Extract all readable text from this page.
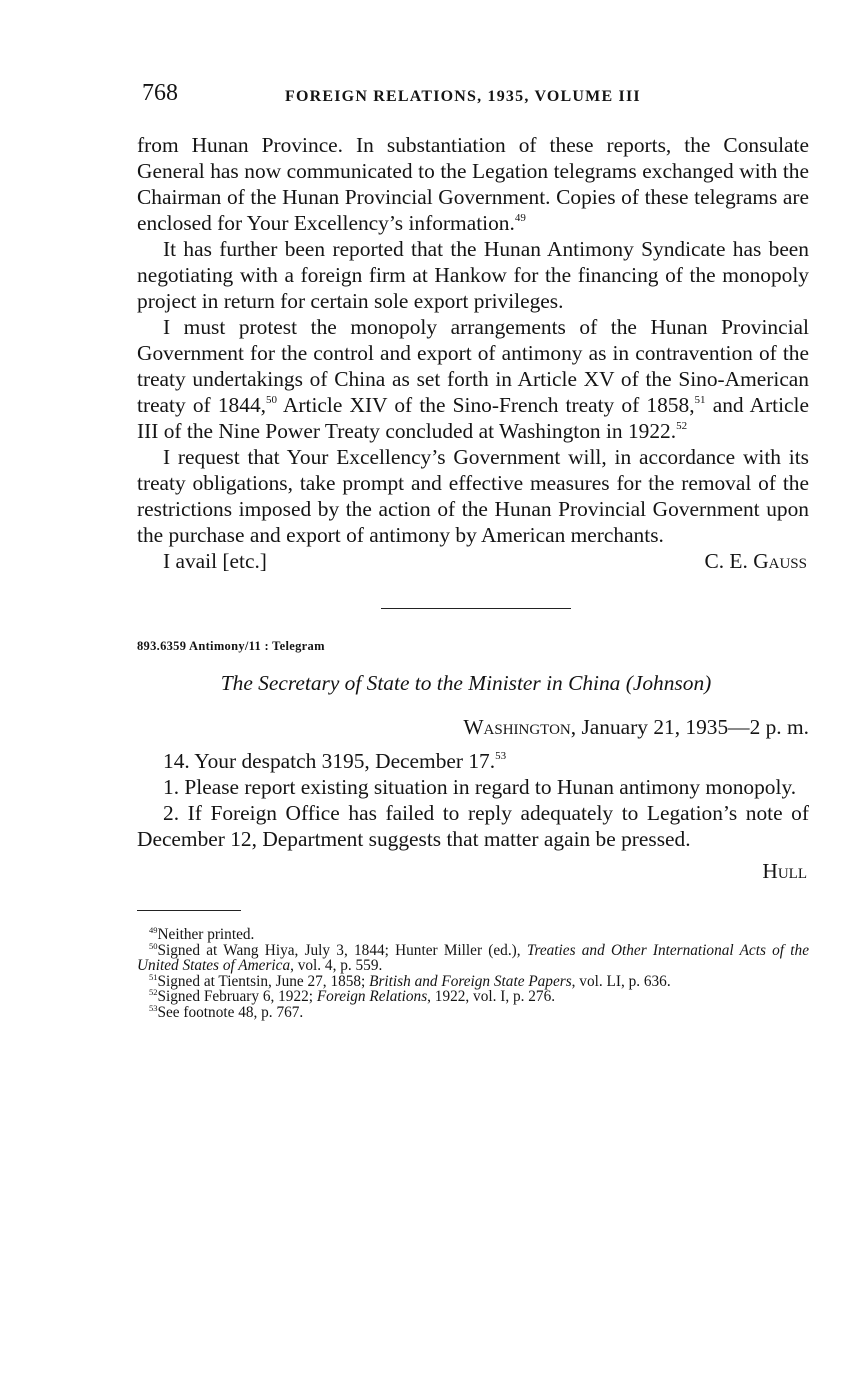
768	FOREIGN RELATIONS, 1935, VOLUME III

from Hunan Province. In substantiation of these reports, the Consulate General has now communicated to the Legation telegrams exchanged with the Chairman of the Hunan Provincial Government. Copies of these telegrams are enclosed for Your Excellency’s information.$^{49}$

It has further been reported that the Hunan Antimony Syndicate has been negotiating with a foreign firm at Hankow for the financing of the monopoly project in return for certain sole export privileges.

I must protest the monopoly arrangements of the Hunan Provincial Government for the control and export of antimony as in contravention of the treaty undertakings of China as set forth in Article XV of the Sino-American treaty of 1844,50 Article XIV of the Sino-French treaty of 1858,51 and Article III of the Nine Power Treaty concluded at Washington in 1922.52

I request that Your Excellency’s Government will, in accordance with its treaty obligations, take prompt and effective measures for the removal of the restrictions imposed by the action of the Hunan Provincial Government upon the purchase and export of antimony by American merchants.

I avail [etc.]	C. E. Gauss
893.6359 Antimony/11 : Telegram
The Secretary of State to the Minister in China (Johnson)
Washington, January 21, 1935—2 p. m.

14. Your despatch 3195, December 17.53

1. Please report existing situation in regard to Hunan antimony monopoly.

2. If Foreign Office has failed to reply adequately to Legation’s note of December 12, Department suggests that matter again be pressed.

Hull
$^{49}$Neither printed.
$^{50}$Signed at Wang Hiya, July 3, 1844; Hunter Miller (ed.), Treaties and Other International Acts of the United States of America, vol. 4, p. 559.
$^{51}$Signed at Tientsin, June 27, 1858; British and Foreign State Papers, vol. LI, p. 636.
$^{52}$Signed February 6, 1922; Foreign Relations, 1922, vol. I, p. 276.
$^{53}$See footnote 48, p. 767.
